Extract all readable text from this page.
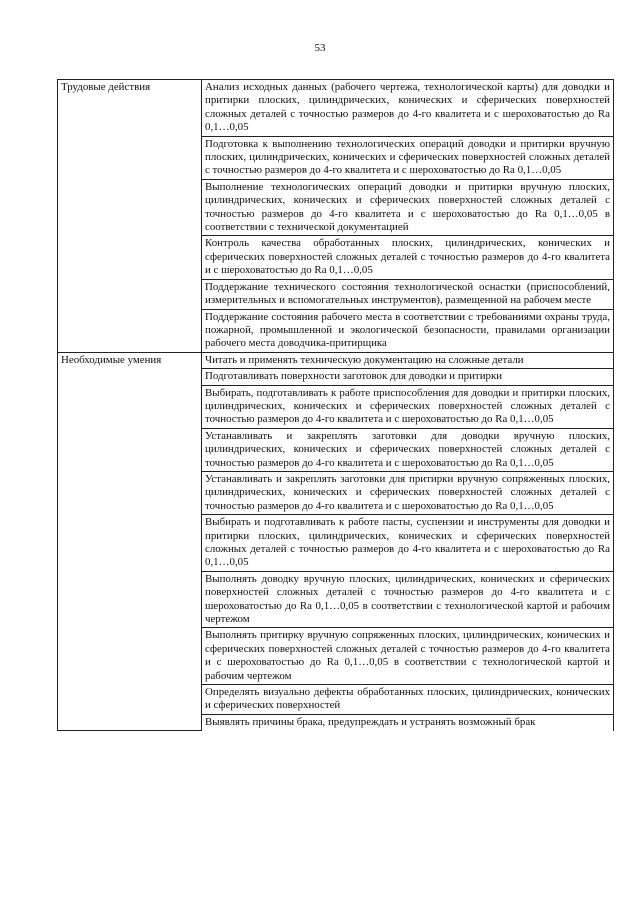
53
Трудовые действия	Анализ исходных данных (рабочего чертежа, технологической карты) для доводки и притирки плоских, цилиндрических, конических и сферических поверхностей сложных деталей с точностью размеров до 4-го квалитета и с шероховатостью до Ra 0,1…0,05
	Подготовка к выполнению технологических операций доводки и притирки вручную плоских, цилиндрических, конических и сферических поверхностей сложных деталей с точностью размеров до 4-го квалитета и с шероховатостью до Ra 0,1…0,05
	Выполнение технологических операций доводки и притирки вручную плоских, цилиндрических, конических и сферических поверхностей сложных деталей с точностью размеров до 4-го квалитета и с шероховатостью до Ra 0,1…0,05 в соответствии с технической документацией
	Контроль качества обработанных плоских, цилиндрических, конических и сферических поверхностей сложных деталей с точностью размеров до 4-го квалитета и с шероховатостью до Ra 0,1…0,05
	Поддержание технического состояния технологической оснастки (приспособлений, измерительных и вспомогательных инструментов), размещенной на рабочем месте
	Поддержание состояния рабочего места в соответствии с требованиями охраны труда, пожарной, промышленной и экологической безопасности, правилами организации рабочего места доводчика-притирщика
Необходимые умения	Читать и применять техническую документацию на сложные детали
	Подготавливать поверхности заготовок для доводки и притирки
	Выбирать, подготавливать к работе приспособления для доводки и притирки плоских, цилиндрических, конических и сферических поверхностей сложных деталей с точностью размеров до 4-го квалитета и с шероховатостью до Ra 0,1…0,05
	Устанавливать и закреплять заготовки для доводки вручную плоских, цилиндрических, конических и сферических поверхностей сложных деталей с точностью размеров до 4-го квалитета и с шероховатостью до Ra 0,1…0,05
	Устанавливать и закреплять заготовки для притирки вручную сопряженных плоских, цилиндрических, конических и сферических поверхностей сложных деталей с точностью размеров до 4-го квалитета и с шероховатостью до Ra 0,1…0,05
	Выбирать и подготавливать к работе пасты, суспензии и инструменты для доводки и притирки плоских, цилиндрических, конических и сферических поверхностей сложных деталей с точностью размеров до 4-го квалитета и с шероховатостью до Ra 0,1…0,05
	Выполнять доводку вручную плоских, цилиндрических, конических и сферических поверхностей сложных деталей с точностью размеров до 4-го квалитета и с шероховатостью до Ra 0,1…0,05 в соответствии с технологической картой и рабочим чертежом
	Выполнять притирку вручную сопряженных плоских, цилиндрических, конических и сферических поверхностей сложных деталей с точностью размеров до 4-го квалитета и с шероховатостью до Ra 0,1…0,05 в соответствии с технологической картой и рабочим чертежом
	Определять визуально дефекты обработанных плоских, цилиндрических, конических и сферических поверхностей
	Выявлять причины брака, предупреждать и устранять возможный брак
